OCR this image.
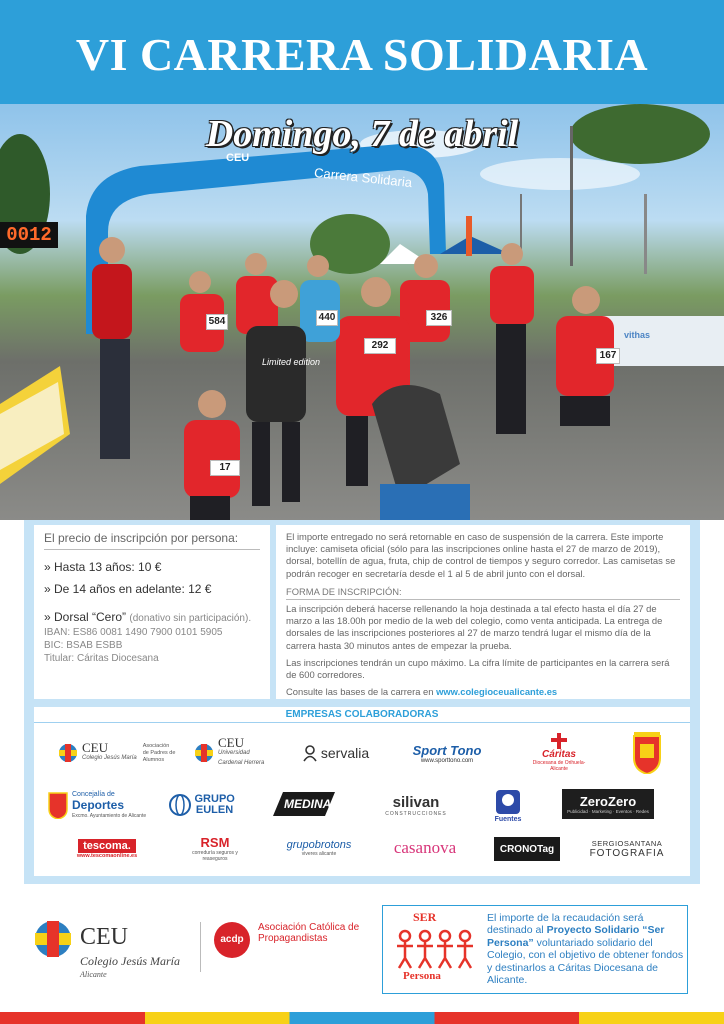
VI CARRERA SOLIDARIA
Domingo, 7 de abril
CEU
Carrera Solidaria
0012
vithas
Limited edition
292
17
326
167
584	440
El precio de inscripción por persona:
» Hasta 13 años: 10 €
» De 14 años en adelante: 12 €
» Dorsal “Cero” (donativo sin participación).
IBAN: ES86 0081 1490 7900 0101 5905
BIC: BSAB ESBB
Titular: Cáritas Diocesana
El importe entregado no será retornable en caso de suspensión de la carrera. Este importe incluye: camiseta oficial (sólo para las inscripciones online hasta el 27 de marzo de 2019), dorsal, botellín de agua, fruta, chip de control de tiempos y seguro corredor. Las camisetas se podrán recoger en secretaría desde el 1 al 5 de abril junto con el dorsal.
FORMA DE INSCRIPCIÓN:
La inscripción deberá hacerse rellenando la hoja destinada a tal efecto hasta el día 27 de marzo a las 18.00h por medio de la web del colegio, como venta anticipada. La entrega de dorsales de las inscripciones posteriores al 27 de marzo tendrá lugar el mismo día de la carrera hasta 30 minutos antes de empezar la prueba.
Las inscripciones tendrán un cupo máximo. La cifra límite de participantes en la carrera será de 600 corredores.
Consulte las bases de la carrera en www.colegioceualicante.es
EMPRESAS COLABORADORAS
CEU
Colegio Jesús María
Asociación de Padres de Alumnos
CEU
Universidad Cardenal Herrera
servalia	Sport Tono
www.sporttono.com
Cáritas
Diocesana de Orihuela-Alicante
Concejalía de
Deportes
Excmo. Ayuntamiento de Alicante
GRUPO EULEN	MEDINA	silivan
CONSTRUCCIONES
Fuentes
ZeroZero
Publicidad · Marketing · Eventos · Redes
tescoma.
www.tescomaonline.es
RSM
correduría seguros y reaseguros
grupobrotons
viveres alicante	casanova	CRONOTag	SERGIOSANTANA
FOTOGRAFIA
CEU
Colegio Jesús María
Alicante
acdp
Asociación Católica de Propagandistas
SER
Persona
El importe de la recaudación será destinado al Proyecto Solidario “Ser Persona” voluntariado solidario del Colegio, con el objetivo de obtener fondos y destinarlos a Cáritas Diocesana de Alicante.
